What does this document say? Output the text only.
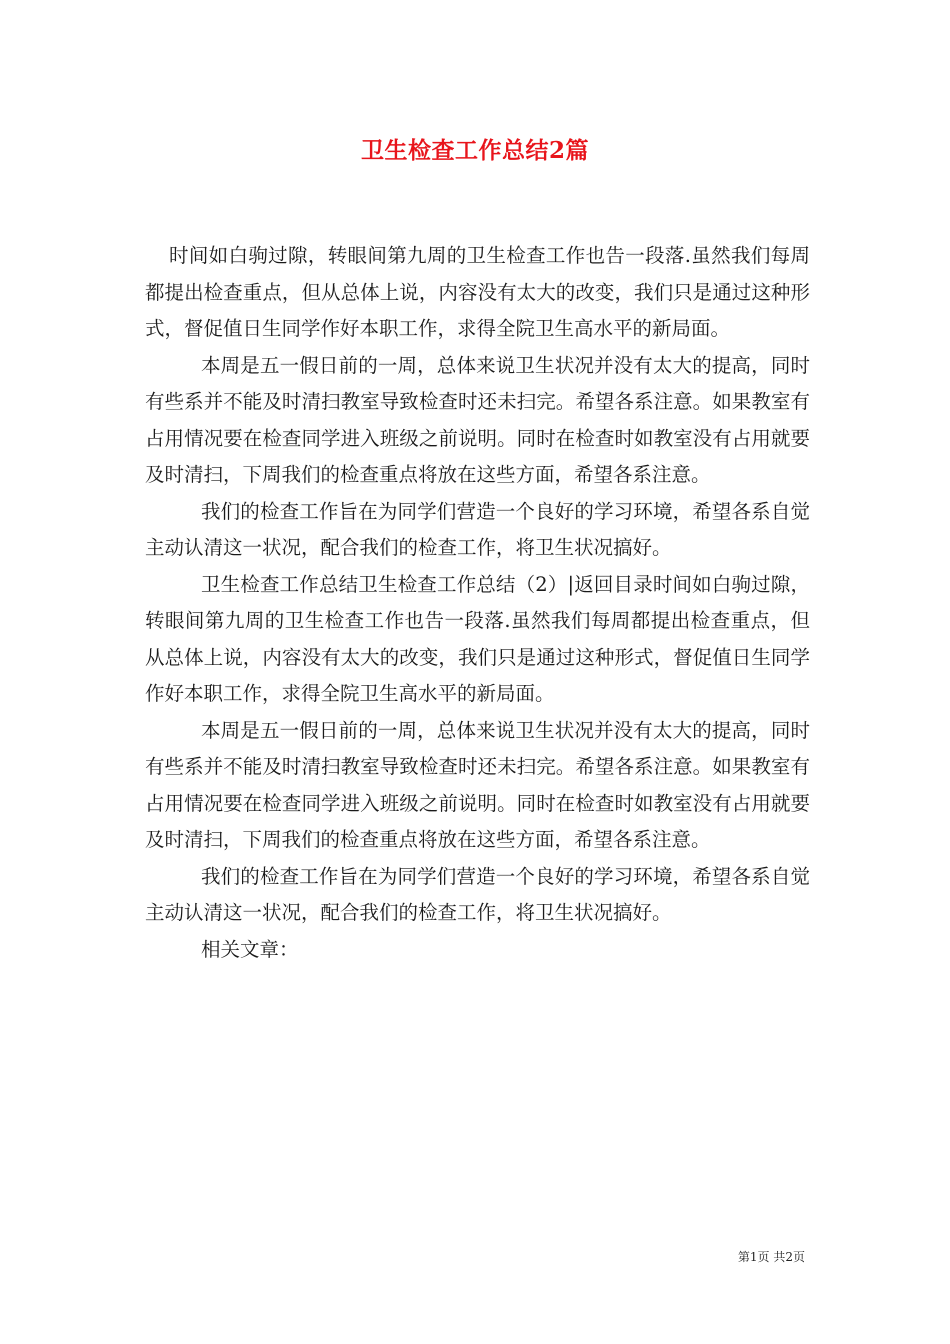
卫生检查工作总结2篇

时间如白驹过隙，转眼间第九周的卫生检查工作也告一段落.虽然我们每周都提出检查重点，但从总体上说，内容没有太大的改变，我们只是通过这种形式，督促值日生同学作好本职工作，求得全院卫生高水平的新局面。

本周是五一假日前的一周，总体来说卫生状况并没有太大的提高，同时有些系并不能及时清扫教室导致检查时还未扫完。希望各系注意。如果教室有占用情况要在检查同学进入班级之前说明。同时在检查时如教室没有占用就要及时清扫，下周我们的检查重点将放在这些方面，希望各系注意。

我们的检查工作旨在为同学们营造一个良好的学习环境，希望各系自觉主动认清这一状况，配合我们的检查工作，将卫生状况搞好。

卫生检查工作总结卫生检查工作总结（2）|返回目录时间如白驹过隙，转眼间第九周的卫生检查工作也告一段落.虽然我们每周都提出检查重点，但从总体上说，内容没有太大的改变，我们只是通过这种形式，督促值日生同学作好本职工作，求得全院卫生高水平的新局面。

本周是五一假日前的一周，总体来说卫生状况并没有太大的提高，同时有些系并不能及时清扫教室导致检查时还未扫完。希望各系注意。如果教室有占用情况要在检查同学进入班级之前说明。同时在检查时如教室没有占用就要及时清扫，下周我们的检查重点将放在这些方面，希望各系注意。

我们的检查工作旨在为同学们营造一个良好的学习环境，希望各系自觉主动认清这一状况，配合我们的检查工作，将卫生状况搞好。

相关文章：

第1页 共2页
